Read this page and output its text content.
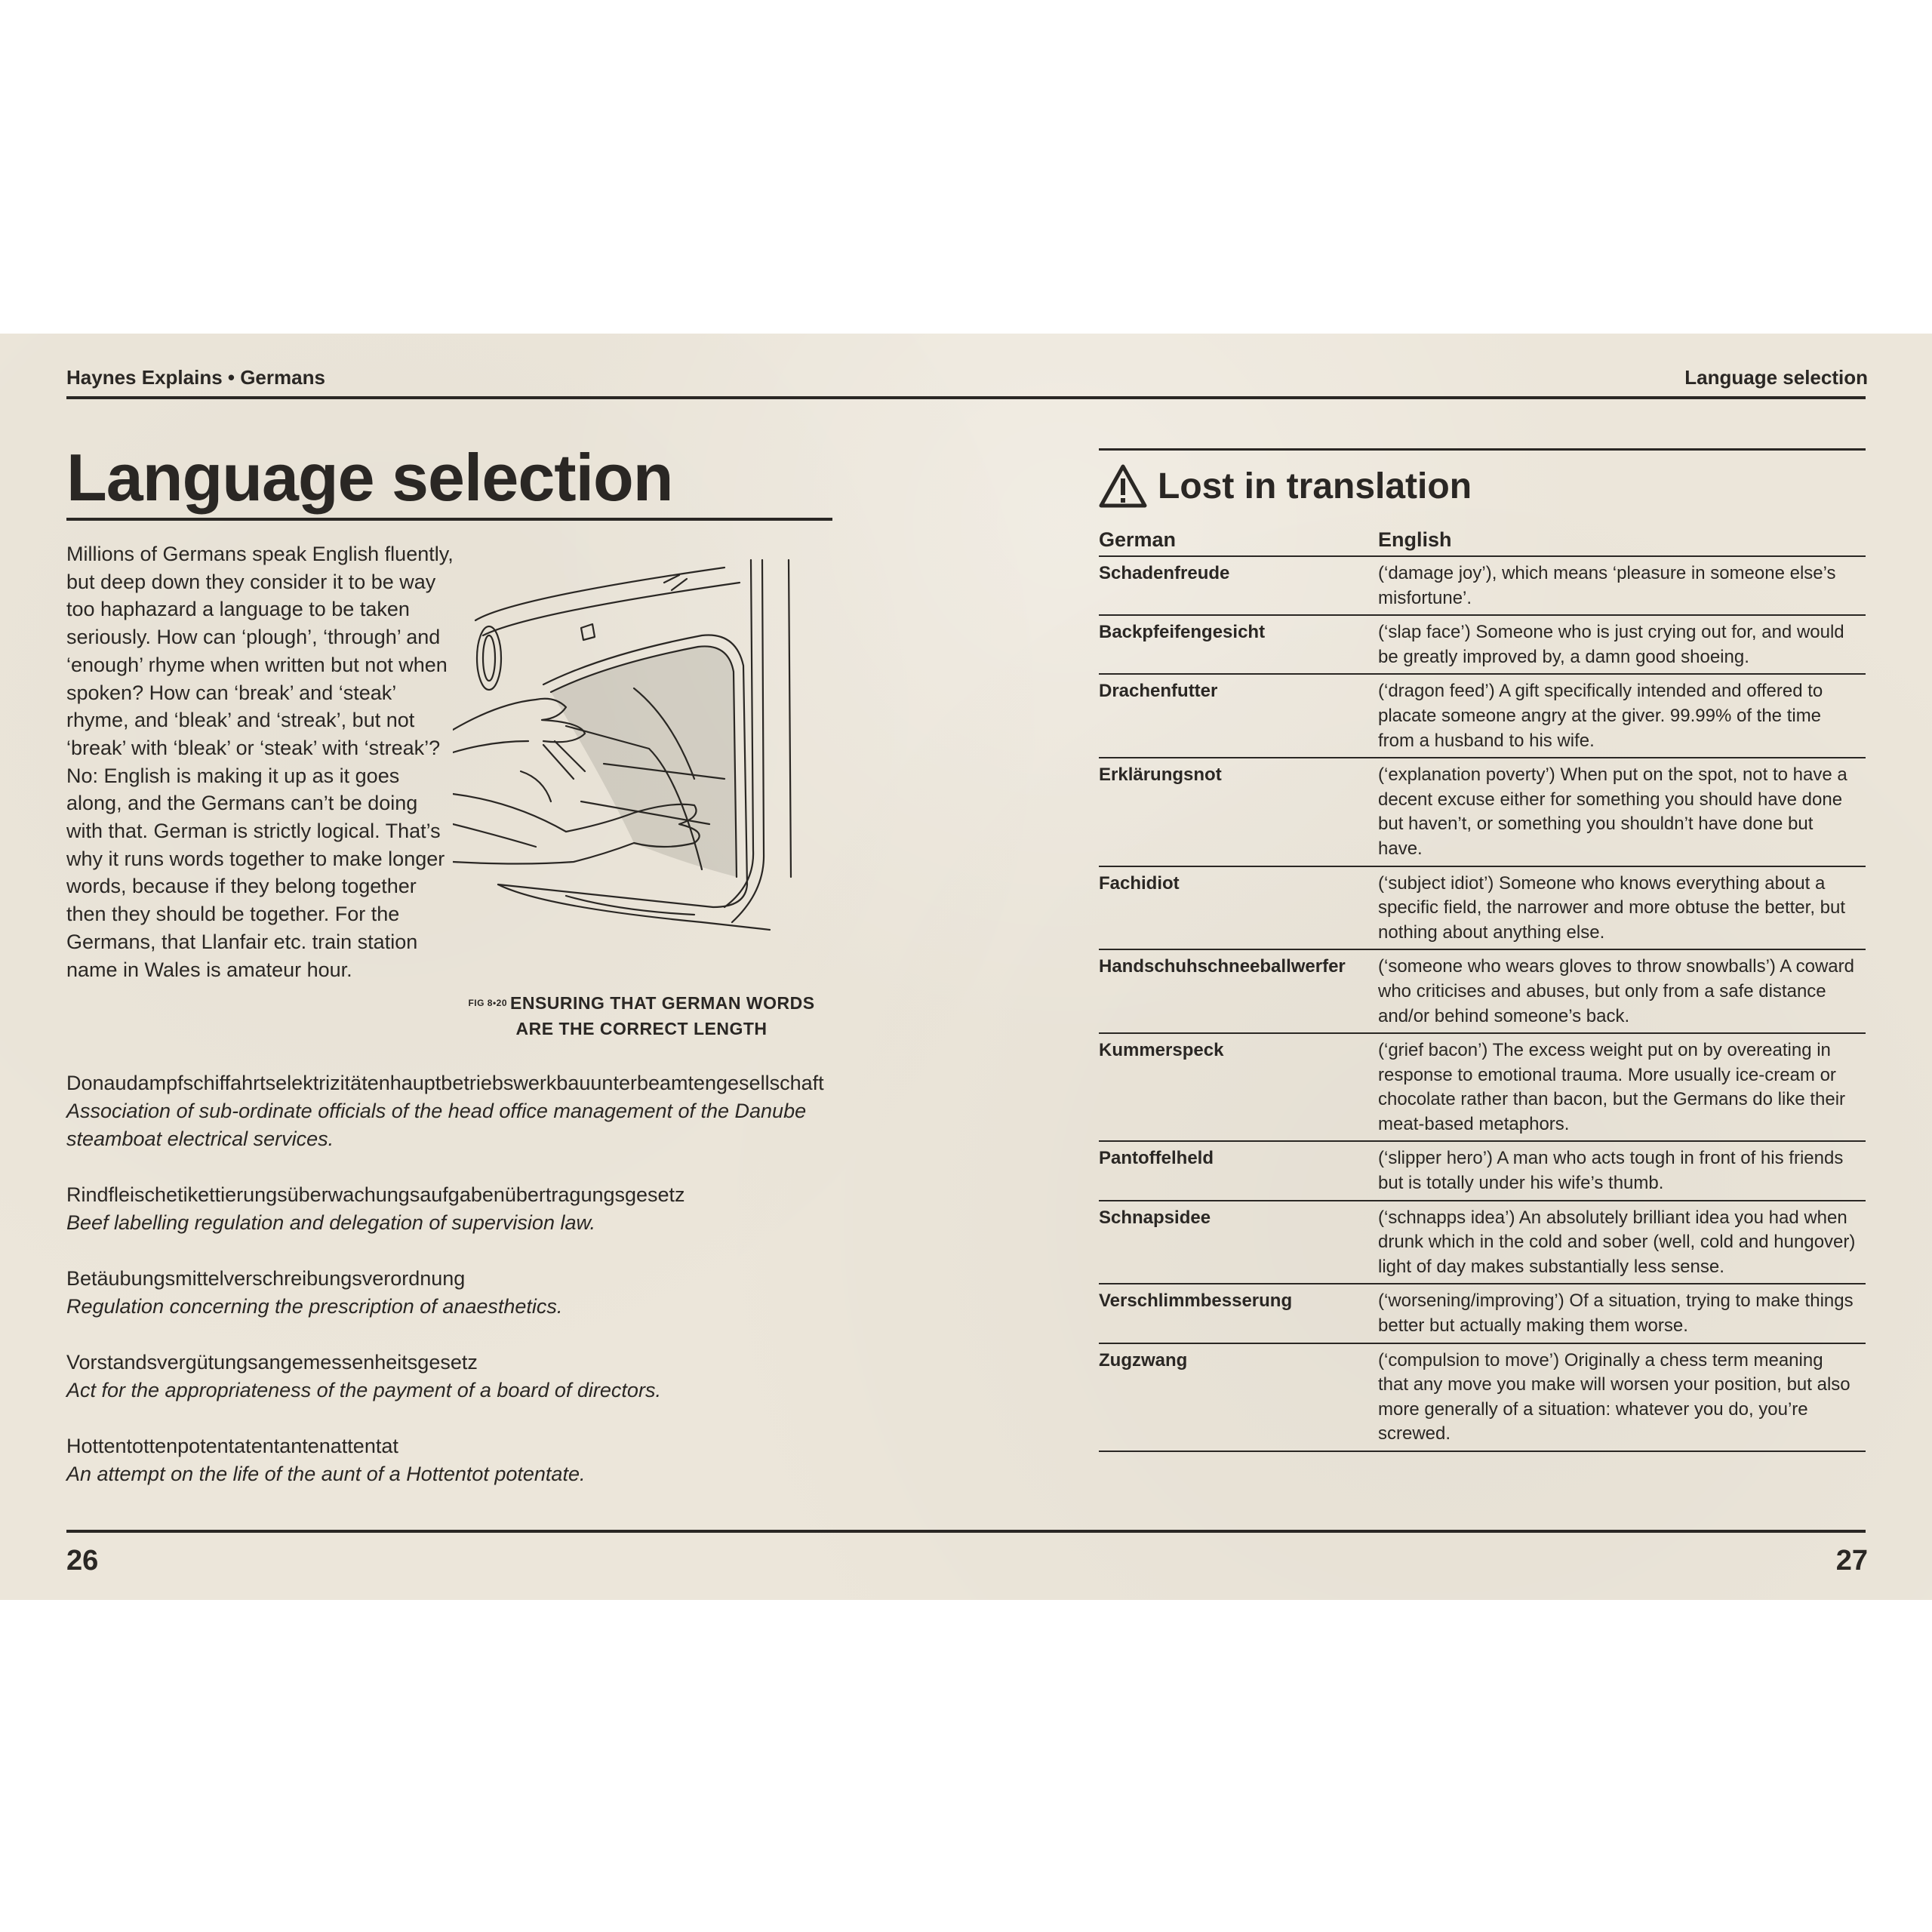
Haynes Explains • Germans	Language selection
Language selection

Millions of Germans speak English fluently, but deep down they consider it to be way too haphazard a language to be taken seriously. How can ‘plough’, ‘through’ and ‘enough’ rhyme when written but not when spoken? How can ‘break’ and ‘steak’ rhyme, and ‘bleak’ and ‘streak’, but not ‘break’ with ‘bleak’ or ‘steak’ with ‘streak’? No: English is making it up as it goes along, and the Germans can’t be doing with that. German is strictly logical. That’s why it runs words together to make longer words, because if they belong together then they should be together. For the Germans, that Llanfair etc. train station name in Wales is amateur hour.

FIG 8•20 ENSURING THAT GERMAN WORDS
ARE THE CORRECT LENGTH
Donaudampfschiffahrtselektrizitätenhauptbetriebswerkbauunterbeamtengesellschaft
Association of sub-ordinate officials of the head office management of the Danube steamboat electrical services.
Rindfleischetikettierungsüberwachungsaufgabenübertragungsgesetz
Beef labelling regulation and delegation of supervision law.
Betäubungsmittelverschreibungsverordnung
Regulation concerning the prescription of anaesthetics.
Vorstandsvergütungsangemessenheitsgesetz
Act for the appropriateness of the payment of a board of directors.
Hottentottenpotentatentantenattentat
An attempt on the life of the aunt of a Hottentot potentate.
Lost in translation
German	English
Schadenfreude	(‘damage joy’), which means ‘pleasure in someone else’s misfortune’.
Backpfeifengesicht	(‘slap face’) Someone who is just crying out for, and would be greatly improved by, a damn good shoeing.
Drachenfutter	(‘dragon feed’) A gift specifically intended and offered to placate someone angry at the giver. 99.99% of the time from a husband to his wife.
Erklärungsnot	(‘explanation poverty’) When put on the spot, not to have a decent excuse either for something you should have done but haven’t, or something you shouldn’t have done but have.
Fachidiot	(‘subject idiot’) Someone who knows everything about a specific field, the narrower and more obtuse the better, but nothing about anything else.
Handschuhschneeballwerfer	(‘someone who wears gloves to throw snowballs’) A coward who criticises and abuses, but only from a safe distance and/or behind someone’s back.
Kummerspeck	(‘grief bacon’) The excess weight put on by overeating in response to emotional trauma. More usually ice-cream or chocolate rather than bacon, but the Germans do like their meat-based metaphors.
Pantoffelheld	(‘slipper hero’) A man who acts tough in front of his friends but is totally under his wife’s thumb.
Schnapsidee	(‘schnapps idea’) An absolutely brilliant idea you had when drunk which in the cold and sober (well, cold and hungover) light of day makes substantially less sense.
Verschlimmbesserung	(‘worsening/improving’) Of a situation, trying to make things better but actually making them worse.
Zugzwang	(‘compulsion to move’) Originally a chess term meaning that any move you make will worsen your position, but also more generally of a situation: whatever you do, you’re screwed.
26	27
